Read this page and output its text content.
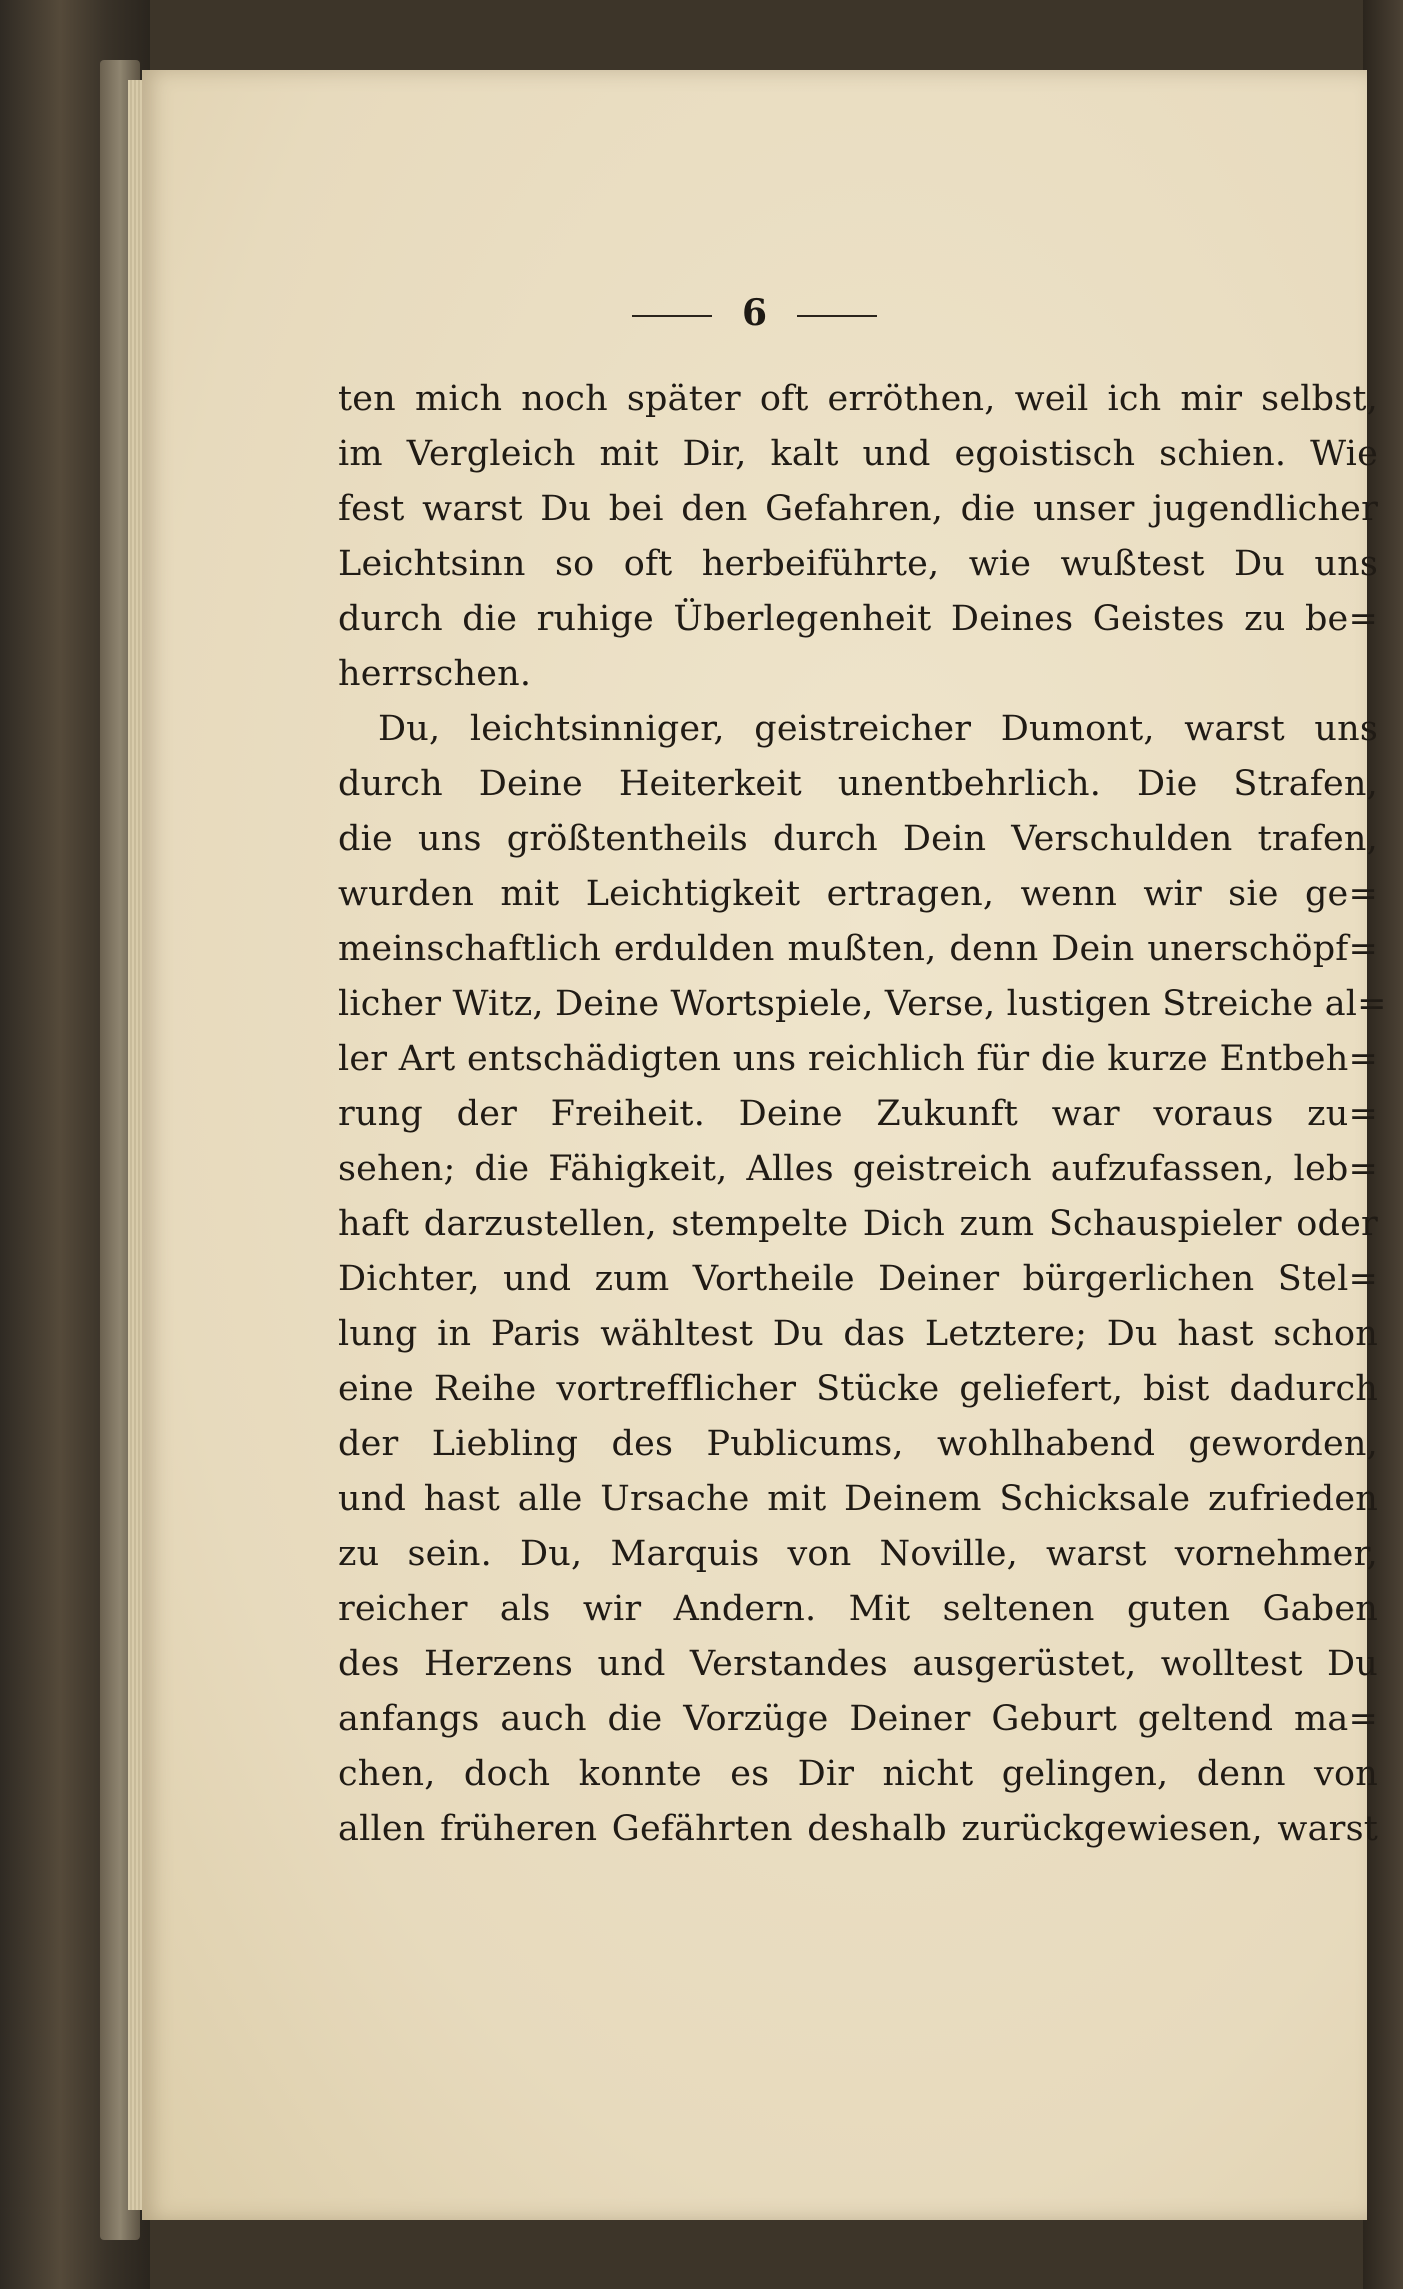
6
ten mich noch später oft erröthen, weil ich mir selbst,
im Vergleich mit Dir, kalt und egoistisch schien. Wie
fest warst Du bei den Gefahren, die unser jugendlicher
Leichtsinn so oft herbeiführte, wie wußtest Du uns
durch die ruhige Überlegenheit Deines Geistes zu be=
herrschen.
Du, leichtsinniger, geistreicher Dumont, warst uns
durch Deine Heiterkeit unentbehrlich. Die Strafen,
die uns größtentheils durch Dein Verschulden trafen,
wurden mit Leichtigkeit ertragen, wenn wir sie ge=
meinschaftlich erdulden mußten, denn Dein unerschöpf=
licher Witz, Deine Wortspiele, Verse, lustigen Streiche al=
ler Art entschädigten uns reichlich für die kurze Entbeh=
rung der Freiheit. Deine Zukunft war voraus zu=
sehen; die Fähigkeit, Alles geistreich aufzufassen, leb=
haft darzustellen, stempelte Dich zum Schauspieler oder
Dichter, und zum Vortheile Deiner bürgerlichen Stel=
lung in Paris wähltest Du das Letztere; Du hast schon
eine Reihe vortrefflicher Stücke geliefert, bist dadurch
der Liebling des Publicums, wohlhabend geworden,
und hast alle Ursache mit Deinem Schicksale zufrieden
zu sein. Du, Marquis von Noville, warst vornehmer,
reicher als wir Andern. Mit seltenen guten Gaben
des Herzens und Verstandes ausgerüstet, wolltest Du
anfangs auch die Vorzüge Deiner Geburt geltend ma=
chen, doch konnte es Dir nicht gelingen, denn von
allen früheren Gefährten deshalb zurückgewiesen, warst
